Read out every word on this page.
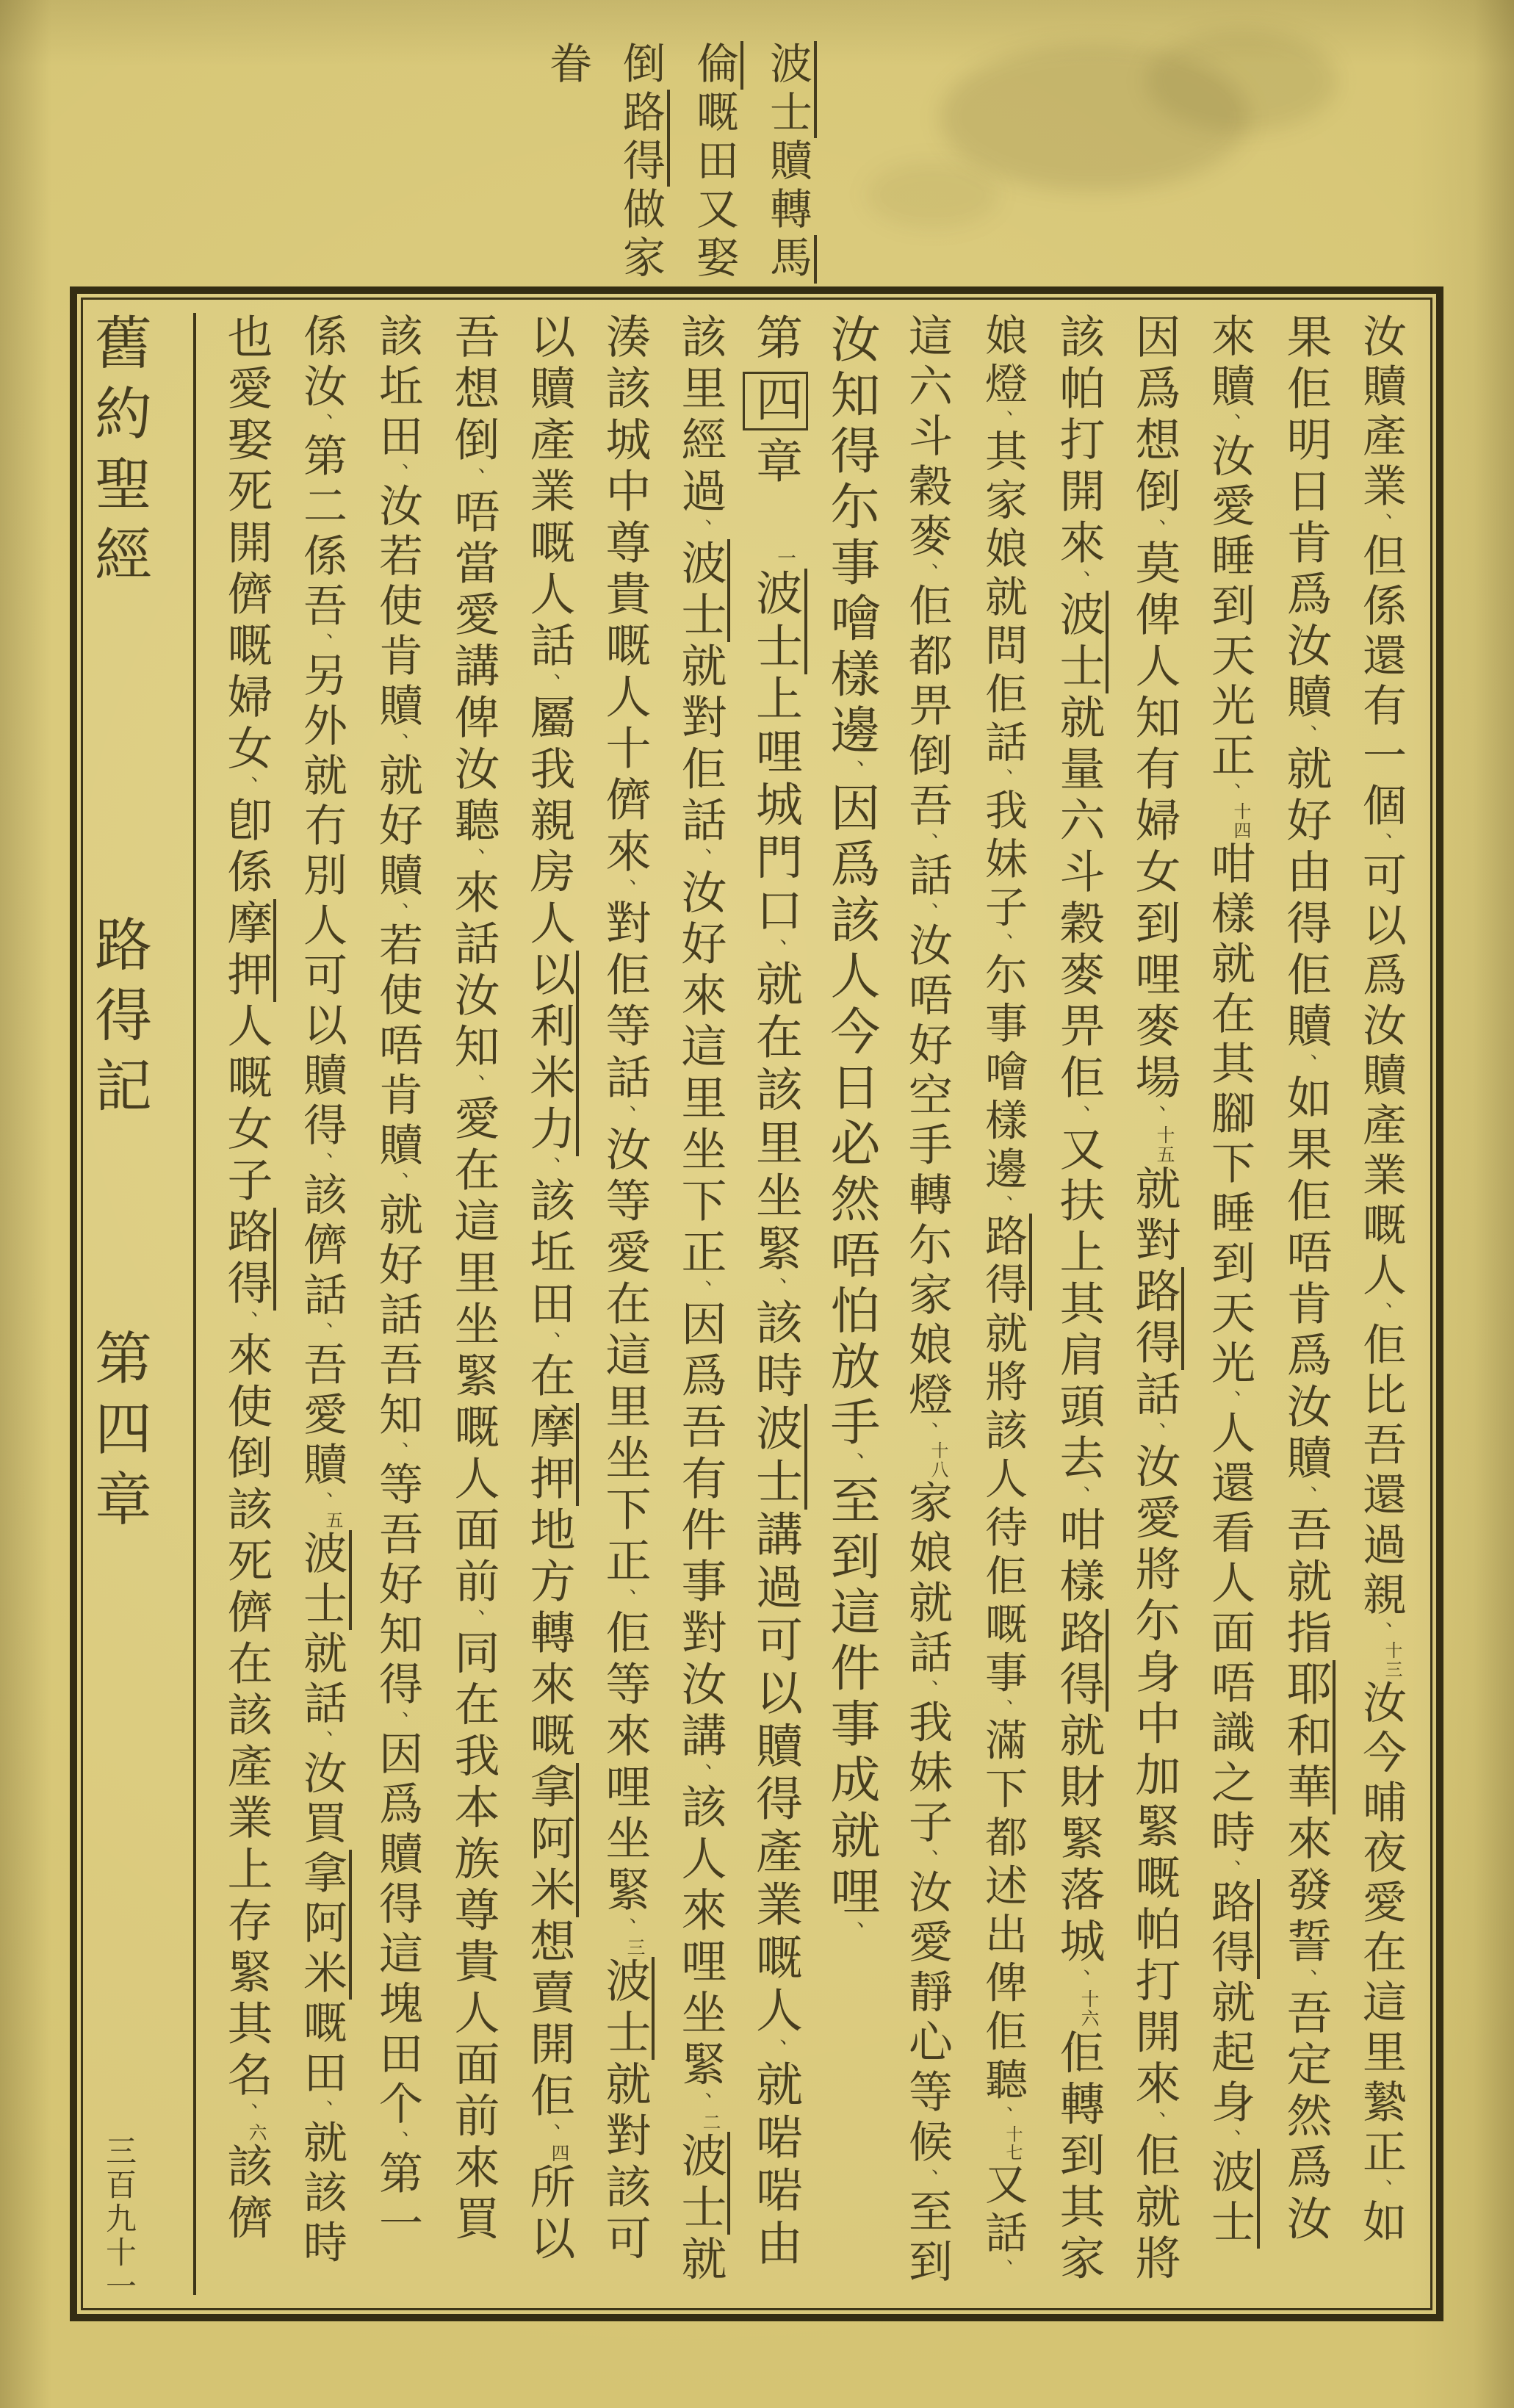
波士贖轉馬
倫嘅田又娶
倒路得做家
眷
汝贖產業、但係還有一個、可以爲汝贖產業嘅人、佢比吾還過親、十三汝今晡夜愛在這里縶正、如
果佢明日肯爲汝贖、就好由得佢贖、如果佢唔肯爲汝贖、吾就指耶和華來發誓、吾定然爲汝
來贖、汝愛睡到天光正、十四咁樣就在其腳下睡到天光、人還看人面唔識之時、路得就起身、波士
因爲想倒、莫俾人知有婦女到哩麥場、十五就對路得話、汝愛將尓身中加緊嘅帕打開來、佢就將
該帕打開來、波士就量六斗穀麥畀佢、又扶上其肩頭去、咁樣路得就財緊落城、十六佢轉到其家
娘燈、其家娘就問佢話、我妹子、尓事噲樣邊、路得就將該人待佢嘅事、滿下都述出俾佢聽、十七又話、
這六斗穀麥、佢都畀倒吾、話、汝唔好空手轉尓家娘燈、十八家娘就話、我妹子、汝愛靜心等候、至到
汝知得尓事噲樣邊、因爲該人今日必然唔怕放手、至到這件事成就哩、
第四章一波士上哩城門口、就在該里坐緊、該時波士講過可以贖得產業嘅人、就啱啱由
該里經過、波士就對佢話、汝好來這里坐下正、因爲吾有件事對汝講、該人來哩坐緊、二波士就
湊該城中尊貴嘅人十儕來、對佢等話、汝等愛在這里坐下正、佢等來哩坐緊、三波士就對該可
以贖產業嘅人話、屬我親房人以利米力、該坵田、在摩押地方轉來嘅拿阿米想賣開佢、四所以
吾想倒、唔當愛講俾汝聽、來話汝知、愛在這里坐緊嘅人面前、同在我本族尊貴人面前來買
該坵田、汝若使肯贖、就好贖、若使唔肯贖、就好話吾知、等吾好知得、因爲贖得這塊田个、第一
係汝、第二係吾、另外就冇別人可以贖得、該儕話、吾愛贖、五波士就話、汝買拿阿米嘅田、就該時
也愛娶死開儕嘅婦女、卽係摩押人嘅女子路得、來使倒該死儕在該產業上存緊其名、六該儕
舊約聖經  路得記  第四章  三百九十一
